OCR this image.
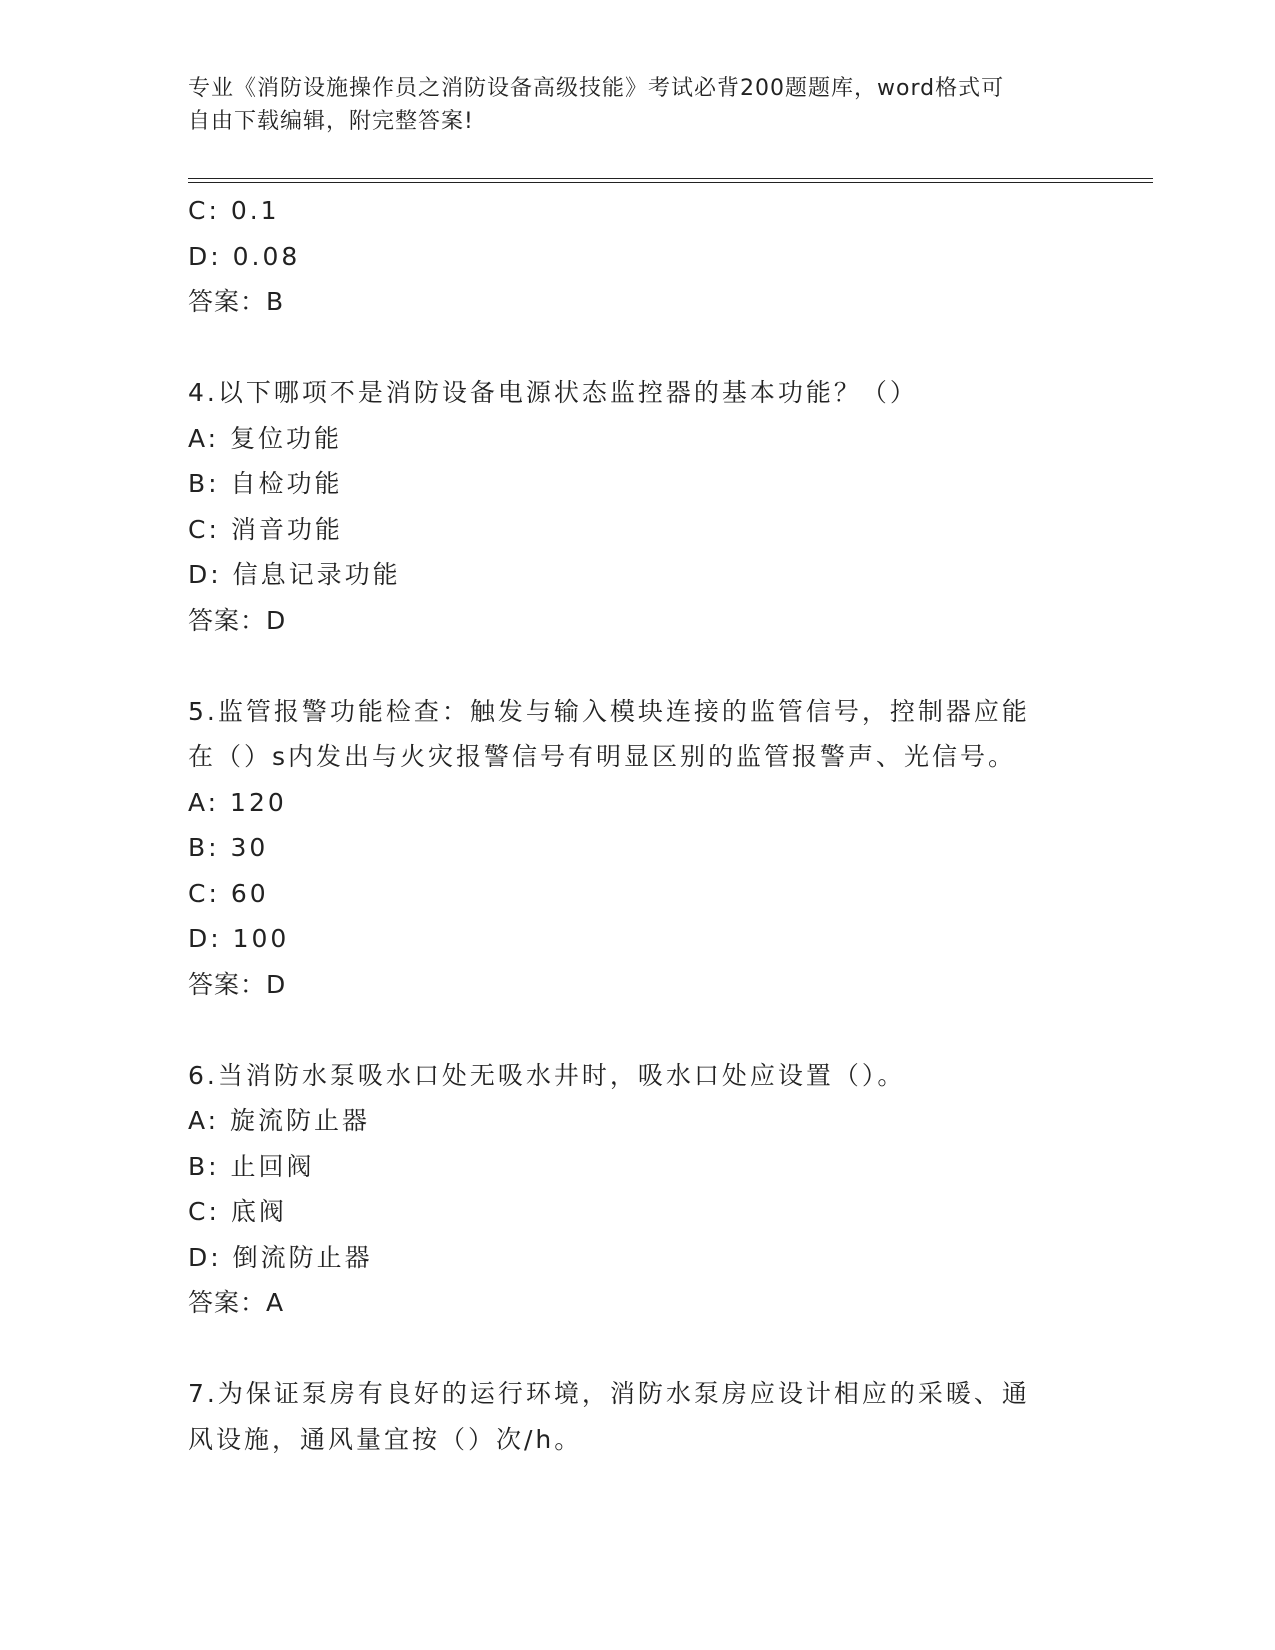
专业《消防设施操作员之消防设备高级技能》考试必背200题题库，word格式可
自由下载编辑，附完整答案!
C: 0.1
D: 0.08
答案：B
4.以下哪项不是消防设备电源状态监控器的基本功能？（）
A: 复位功能
B: 自检功能
C: 消音功能
D: 信息记录功能
答案：D
5.监管报警功能检查：触发与输入模块连接的监管信号，控制器应能
在（）s内发出与火灾报警信号有明显区别的监管报警声、光信号。
A: 120
B: 30
C: 60
D: 100
答案：D
6.当消防水泵吸水口处无吸水井时，吸水口处应设置（）。
A: 旋流防止器
B: 止回阀
C: 底阀
D: 倒流防止器
答案：A
7.为保证泵房有良好的运行环境，消防水泵房应设计相应的采暖、通
风设施，通风量宜按（）次/h。
